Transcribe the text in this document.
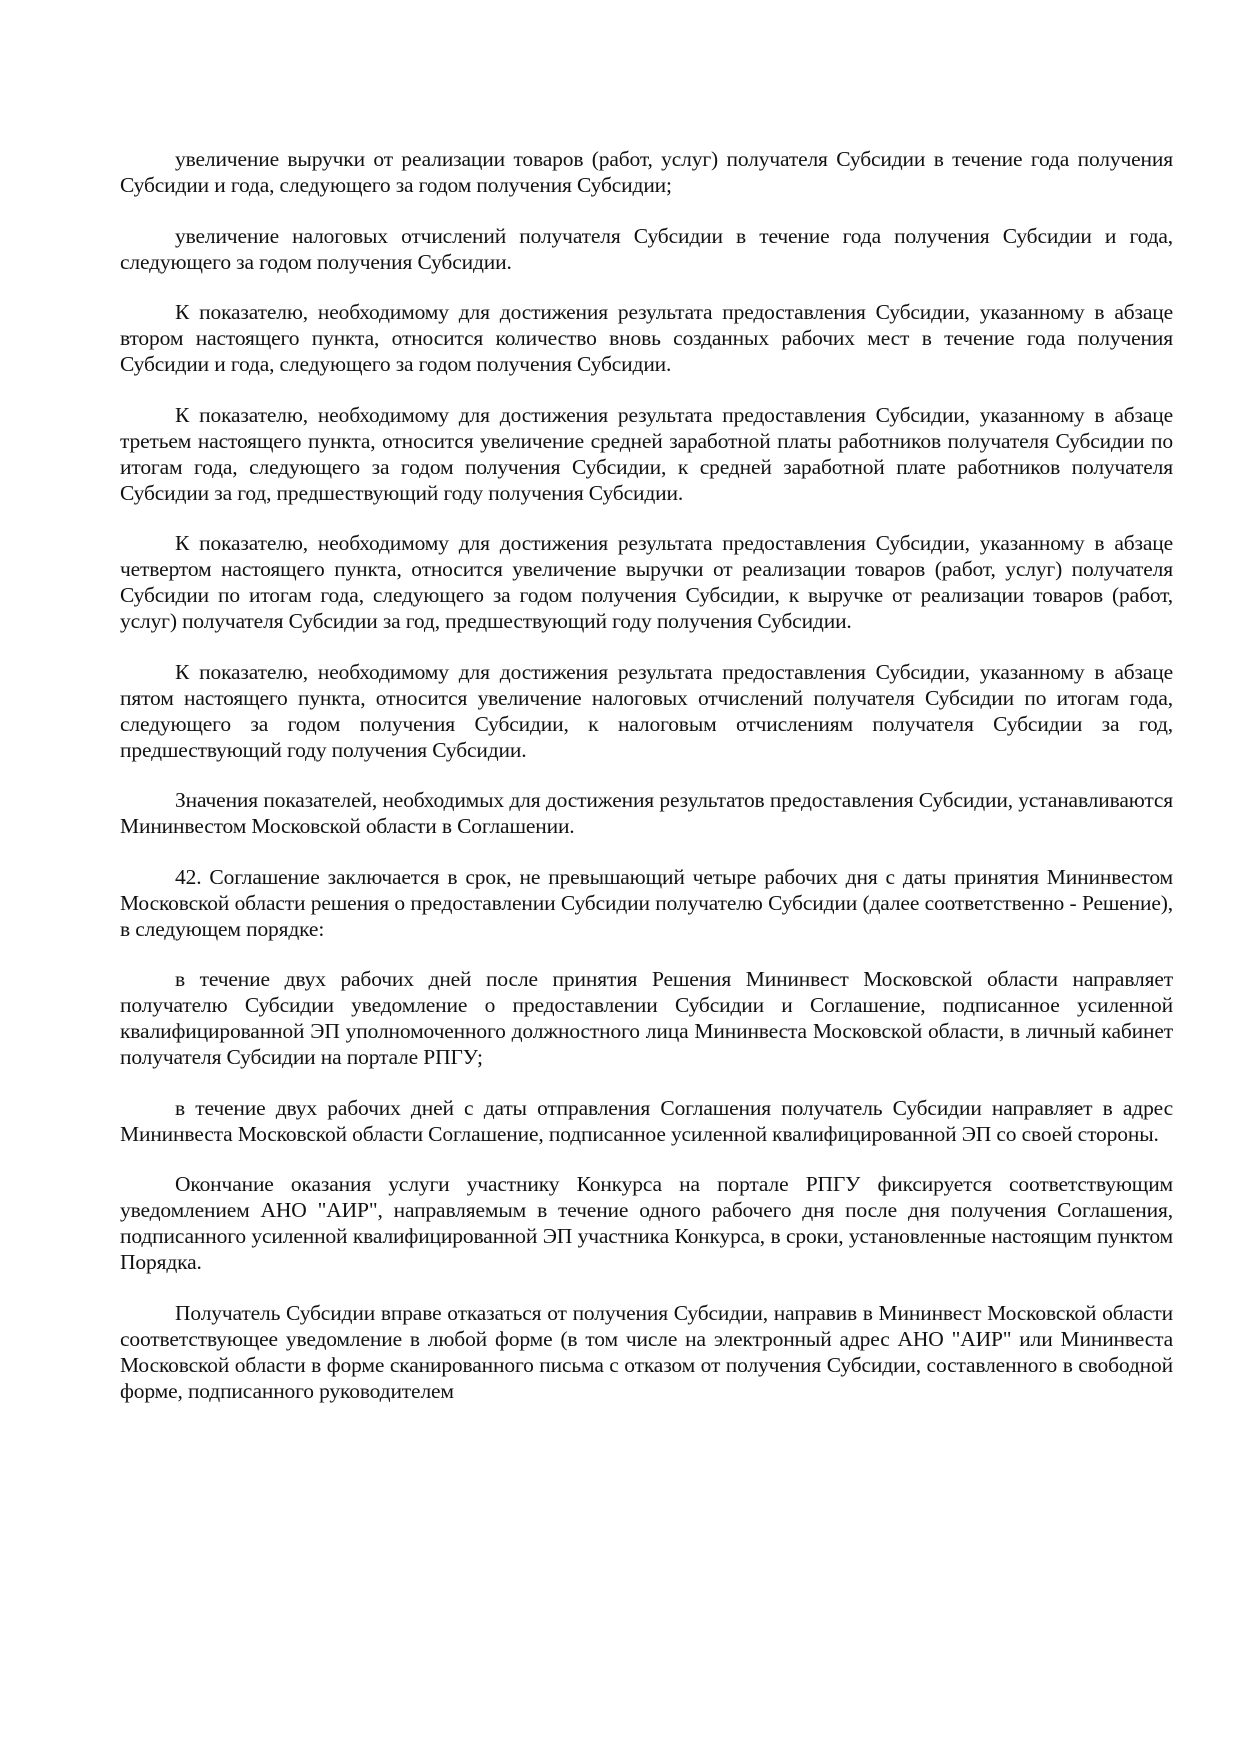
увеличение выручки от реализации товаров (работ, услуг) получателя Субсидии в течение года получения Субсидии и года, следующего за годом получения Субсидии;

увеличение налоговых отчислений получателя Субсидии в течение года получения Субсидии и года, следующего за годом получения Субсидии.

К показателю, необходимому для достижения результата предоставления Субсидии, указанному в абзаце втором настоящего пункта, относится количество вновь созданных рабочих мест в течение года получения Субсидии и года, следующего за годом получения Субсидии.

К показателю, необходимому для достижения результата предоставления Субсидии, указанному в абзаце третьем настоящего пункта, относится увеличение средней заработной платы работников получателя Субсидии по итогам года, следующего за годом получения Субсидии, к средней заработной плате работников получателя Субсидии за год, предшествующий году получения Субсидии.

К показателю, необходимому для достижения результата предоставления Субсидии, указанному в абзаце четвертом настоящего пункта, относится увеличение выручки от реализации товаров (работ, услуг) получателя Субсидии по итогам года, следующего за годом получения Субсидии, к выручке от реализации товаров (работ, услуг) получателя Субсидии за год, предшествующий году получения Субсидии.

К показателю, необходимому для достижения результата предоставления Субсидии, указанному в абзаце пятом настоящего пункта, относится увеличение налоговых отчислений получателя Субсидии по итогам года, следующего за годом получения Субсидии, к налоговым отчислениям получателя Субсидии за год, предшествующий году получения Субсидии.

Значения показателей, необходимых для достижения результатов предоставления Субсидии, устанавливаются Мининвестом Московской области в Соглашении.

42. Соглашение заключается в срок, не превышающий четыре рабочих дня с даты принятия Мининвестом Московской области решения о предоставлении Субсидии получателю Субсидии (далее соответственно - Решение), в следующем порядке:

в течение двух рабочих дней после принятия Решения Мининвест Московской области направляет получателю Субсидии уведомление о предоставлении Субсидии и Соглашение, подписанное усиленной квалифицированной ЭП уполномоченного должностного лица Мининвеста Московской области, в личный кабинет получателя Субсидии на портале РПГУ;

в течение двух рабочих дней с даты отправления Соглашения получатель Субсидии направляет в адрес Мининвеста Московской области Соглашение, подписанное усиленной квалифицированной ЭП со своей стороны.

Окончание оказания услуги участнику Конкурса на портале РПГУ фиксируется соответствующим уведомлением АНО "АИР", направляемым в течение одного рабочего дня после дня получения Соглашения, подписанного усиленной квалифицированной ЭП участника Конкурса, в сроки, установленные настоящим пунктом Порядка.

Получатель Субсидии вправе отказаться от получения Субсидии, направив в Мининвест Московской области соответствующее уведомление в любой форме (в том числе на электронный адрес АНО "АИР" или Мининвеста Московской области в форме сканированного письма с отказом от получения Субсидии, составленного в свободной форме, подписанного руководителем
